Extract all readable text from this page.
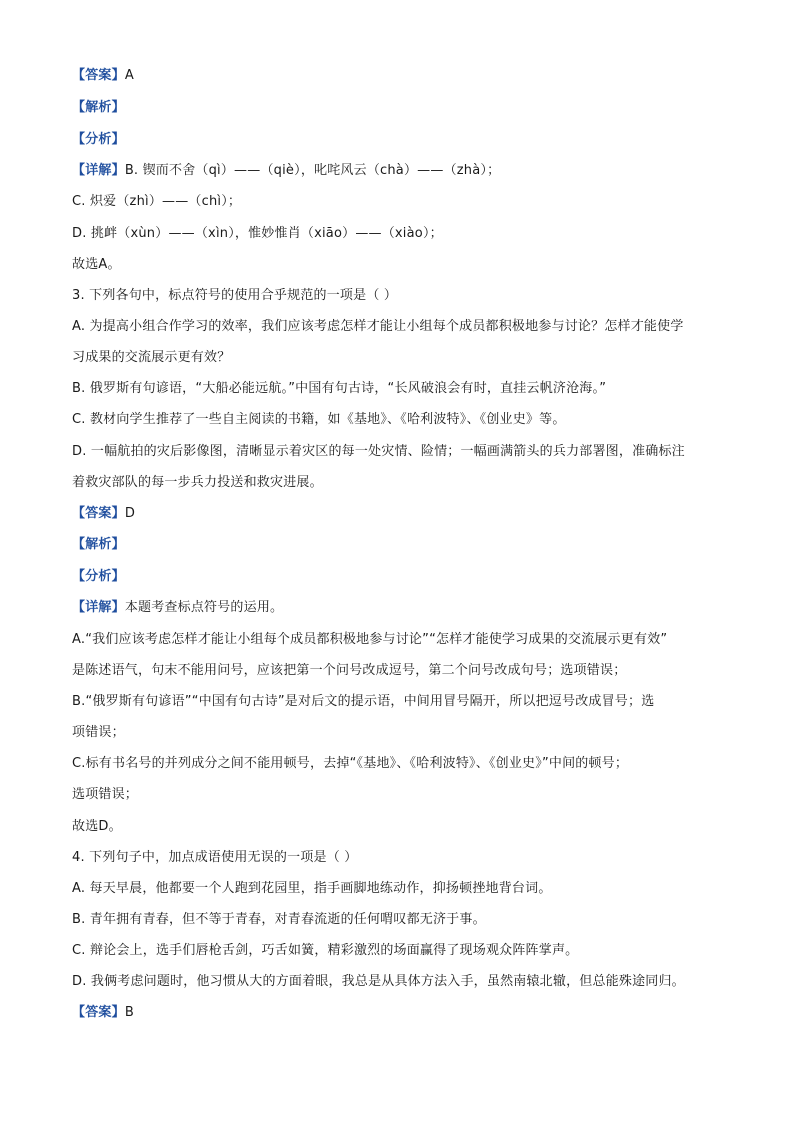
【答案】A
【解析】
【分析】
【详解】B. 锲而不舍（qì）——（qiè），叱咤风云（chà）——（zhà）；
C. 炽爱（zhì）——（chì）；
D. 挑衅（xùn）——（xìn），惟妙惟肖（xiāo）——（xiào）；
故选A。
3. 下列各句中，标点符号的使用合乎规范的一项是（ ）
A. 为提高小组合作学习的效率，我们应该考虑怎样才能让小组每个成员都积极地参与讨论？怎样才能使学
习成果的交流展示更有效？
B. 俄罗斯有句谚语，“大船必能远航。”中国有句古诗，“长风破浪会有时，直挂云帆济沧海。”
C. 教材向学生推荐了一些自主阅读的书籍，如《基地》、《哈利波特》、《创业史》等。
D. 一幅航拍的灾后影像图，清晰显示着灾区的每一处灾情、险情；一幅画满箭头的兵力部署图，准确标注
着救灾部队的每一步兵力投送和救灾进展。
【答案】D
【解析】
【分析】
【详解】本题考查标点符号的运用。
A.“我们应该考虑怎样才能让小组每个成员都积极地参与讨论”“怎样才能使学习成果的交流展示更有效”
是陈述语气，句末不能用问号，应该把第一个问号改成逗号，第二个问号改成句号；选项错误；
B.“俄罗斯有句谚语”“中国有句古诗”是对后文的提示语，中间用冒号隔开，所以把逗号改成冒号；选
项错误；
C.标有书名号的并列成分之间不能用顿号，去掉“《基地》、《哈利波特》、《创业史》”中间的顿号；
选项错误；
故选D。
4. 下列句子中，加点成语使用无误的一项是（ ）
A. 每天早晨，他都要一个人跑到花园里，指手画脚地练动作，抑扬顿挫地背台词。
B. 青年拥有青春，但不等于青春，对青春流逝的任何喟叹都无济于事。
C. 辩论会上，选手们唇枪舌剑，巧舌如簧，精彩激烈的场面赢得了现场观众阵阵掌声。
D. 我俩考虑问题时，他习惯从大的方面着眼，我总是从具体方法入手，虽然南辕北辙，但总能殊途同归。
【答案】B
